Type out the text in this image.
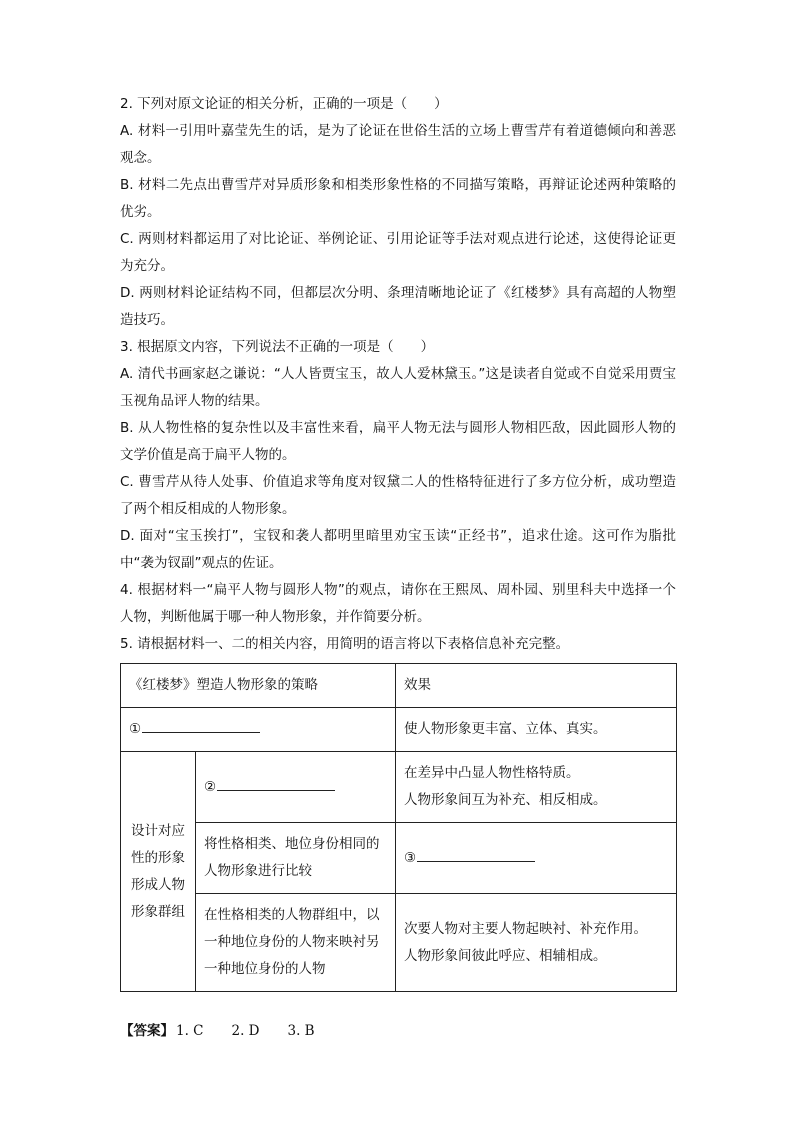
2. 下列对原文论证的相关分析，正确的一项是（　　）

A. 材料一引用叶嘉莹先生的话，是为了论证在世俗生活的立场上曹雪芹有着道德倾向和善恶观念。

B. 材料二先点出曹雪芹对异质形象和相类形象性格的不同描写策略，再辩证论述两种策略的优劣。

C. 两则材料都运用了对比论证、举例论证、引用论证等手法对观点进行论述，这使得论证更为充分。

D. 两则材料论证结构不同，但都层次分明、条理清晰地论证了《红楼梦》具有高超的人物塑造技巧。

3. 根据原文内容，下列说法不正确的一项是（　　）

A. 清代书画家赵之谦说：“人人皆贾宝玉，故人人爱林黛玉。”这是读者自觉或不自觉采用贾宝玉视角品评人物的结果。

B. 从人物性格的复杂性以及丰富性来看，扁平人物无法与圆形人物相匹敌，因此圆形人物的文学价值是高于扁平人物的。

C. 曹雪芹从待人处事、价值追求等角度对钗黛二人的性格特征进行了多方位分析，成功塑造了两个相反相成的人物形象。

D. 面对“宝玉挨打”，宝钗和袭人都明里暗里劝宝玉读“正经书”，追求仕途。这可作为脂批中“袭为钗副”观点的佐证。

4. 根据材料一“扁平人物与圆形人物”的观点，请你在王熙凤、周朴园、别里科夫中选择一个人物，判断他属于哪一种人物形象，并作简要分析。

5. 请根据材料一、二的相关内容，用简明的语言将以下表格信息补充完整。

《红楼梦》塑造人物形象的策略		效果
①		使人物形象更丰富、立体、真实。
设计对应性的形象形成人物形象群组	②	在差异中凸显人物性格特质。
人物形象间互为补充、相反相成。

	将性格相类、地位身份相同的人物形象进行比较	③
	在性格相类的人物群组中，以一种地位身份的人物来映衬另一种地位身份的人物	次要人物对主要人物起映衬、补充作用。
人物形象间彼此呼应、相辅相成。
【答案】 1. C 2. D 3. B
